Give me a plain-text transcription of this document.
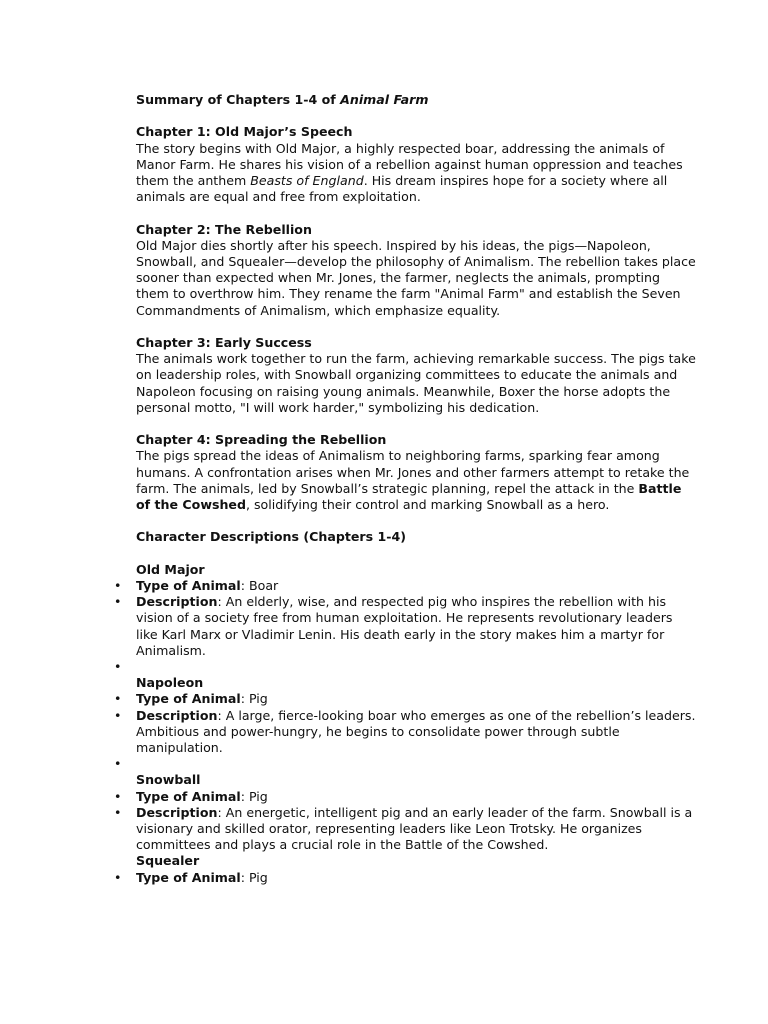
Summary of Chapters 1-4 of Animal Farm

Chapter 1: Old Major’s Speech

The story begins with Old Major, a highly respected boar, addressing the animals of Manor Farm. He shares his vision of a rebellion against human oppression and teaches them the anthem Beasts of England. His dream inspires hope for a society where all animals are equal and free from exploitation.

Chapter 2: The Rebellion

Old Major dies shortly after his speech. Inspired by his ideas, the pigs—Napoleon, Snowball, and Squealer—develop the philosophy of Animalism. The rebellion takes place sooner than expected when Mr. Jones, the farmer, neglects the animals, prompting them to overthrow him. They rename the farm "Animal Farm" and establish the Seven Commandments of Animalism, which emphasize equality.

Chapter 3: Early Success

The animals work together to run the farm, achieving remarkable success. The pigs take on leadership roles, with Snowball organizing committees to educate the animals and Napoleon focusing on raising young animals. Meanwhile, Boxer the horse adopts the personal motto, "I will work harder," symbolizing his dedication.

Chapter 4: Spreading the Rebellion

The pigs spread the ideas of Animalism to neighboring farms, sparking fear among humans. A confrontation arises when Mr. Jones and other farmers attempt to retake the farm. The animals, led by Snowball’s strategic planning, repel the attack in the Battle of the Cowshed, solidifying their control and marking Snowball as a hero.

Character Descriptions (Chapters 1-4)

Old Major

• Type of Animal: Boar

• Description: An elderly, wise, and respected pig who inspires the rebellion with his vision of a society free from human exploitation. He represents revolutionary leaders like Karl Marx or Vladimir Lenin. His death early in the story makes him a martyr for Animalism.

•

Napoleon

• Type of Animal: Pig

• Description: A large, fierce-looking boar who emerges as one of the rebellion’s leaders. Ambitious and power-hungry, he begins to consolidate power through subtle manipulation.

•

Snowball

• Type of Animal: Pig

• Description: An energetic, intelligent pig and an early leader of the farm. Snowball is a visionary and skilled orator, representing leaders like Leon Trotsky. He organizes committees and plays a crucial role in the Battle of the Cowshed.

Squealer

• Type of Animal: Pig
